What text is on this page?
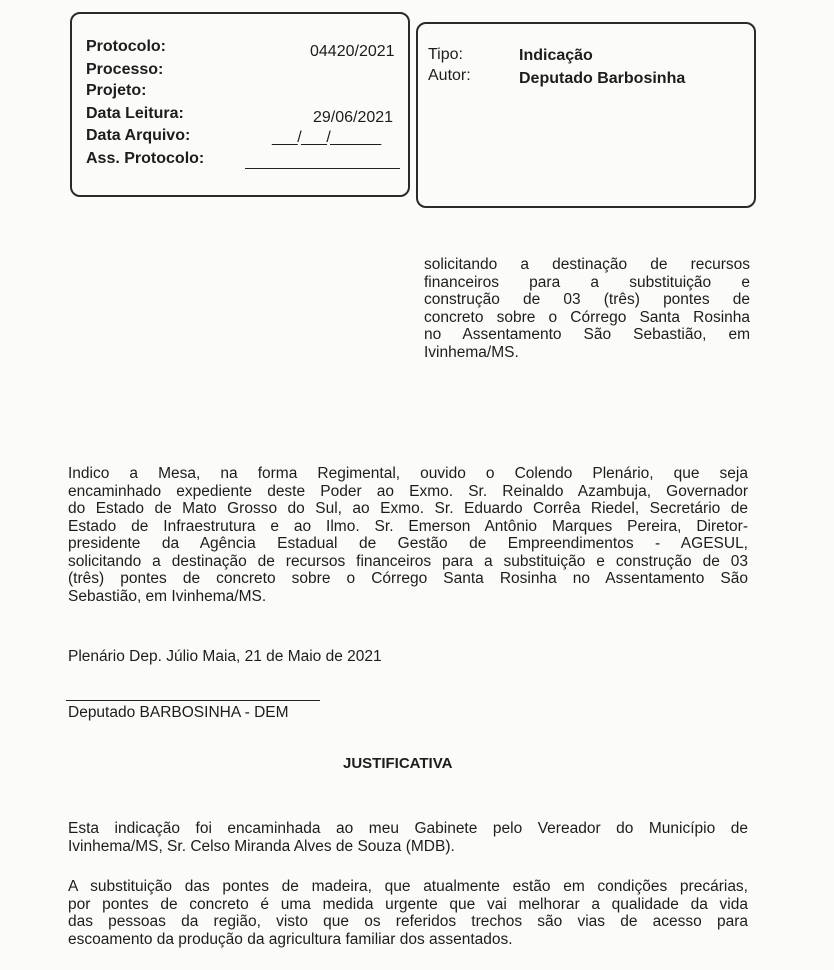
Protocolo:	04420/2021
Processo:
Projeto:
Data Leitura:	29/06/2021
Data Arquivo:	___/___/______
Ass. Protocolo:
Tipo:	Indicação
Autor:	Deputado Barbosinha
solicitando a destinação de recursos
financeiros para a substituição e
construção de 03 (três) pontes de
concreto sobre o Córrego Santa Rosinha
no Assentamento São Sebastião, em
Ivinhema/MS.
Indico a Mesa, na forma Regimental, ouvido o Colendo Plenário, que seja
encaminhado expediente deste Poder ao Exmo. Sr. Reinaldo Azambuja, Governador
do Estado de Mato Grosso do Sul, ao Exmo. Sr. Eduardo Corrêa Riedel, Secretário de
Estado de Infraestrutura e ao Ilmo. Sr. Emerson Antônio Marques Pereira, Diretor-
presidente da Agência Estadual de Gestão de Empreendimentos - AGESUL,
solicitando a destinação de recursos financeiros para a substituição e construção de 03
(três) pontes de concreto sobre o Córrego Santa Rosinha no Assentamento São
Sebastião, em Ivinhema/MS.

Plenário Dep. Júlio Maia, 21 de Maio de 2021

Deputado BARBOSINHA - DEM

JUSTIFICATIVA

Esta indicação foi encaminhada ao meu Gabinete pelo Vereador do Município de
Ivinhema/MS, Sr. Celso Miranda Alves de Souza (MDB).
A substituição das pontes de madeira, que atualmente estão em condições precárias,
por pontes de concreto é uma medida urgente que vai melhorar a qualidade da vida
das pessoas da região, visto que os referidos trechos são vias de acesso para
escoamento da produção da agricultura familiar dos assentados.
